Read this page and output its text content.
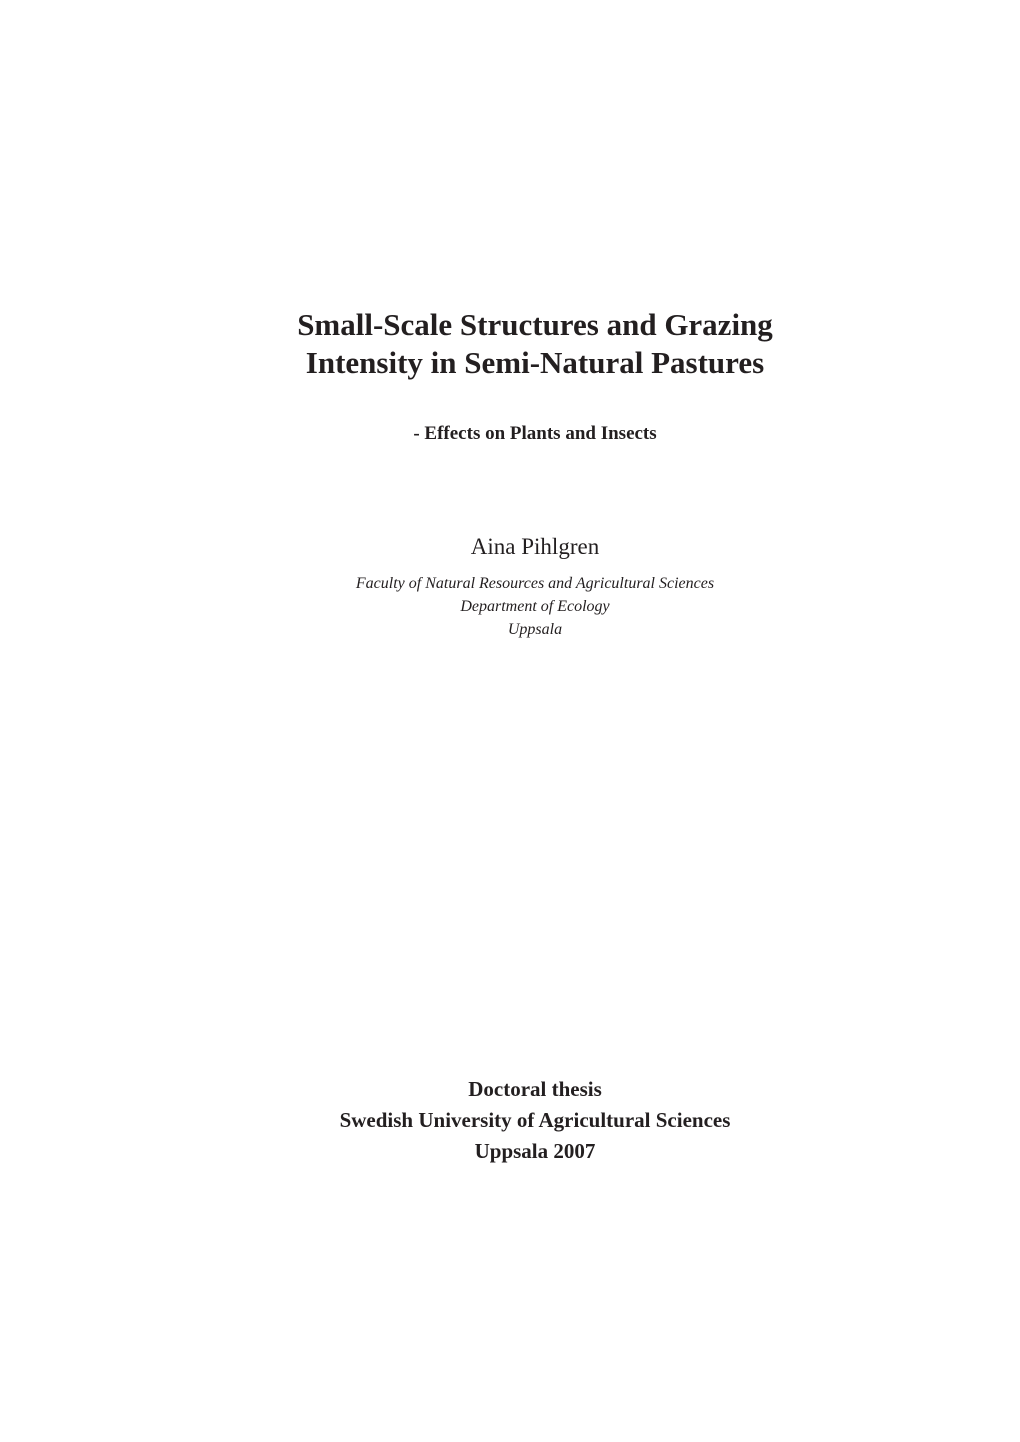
Small-Scale Structures and Grazing
Intensity in Semi-Natural Pastures

- Effects on Plants and Insects

Aina Pihlgren

Faculty of Natural Resources and Agricultural Sciences
Department of Ecology
Uppsala

Doctoral thesis
Swedish University of Agricultural Sciences
Uppsala 2007
